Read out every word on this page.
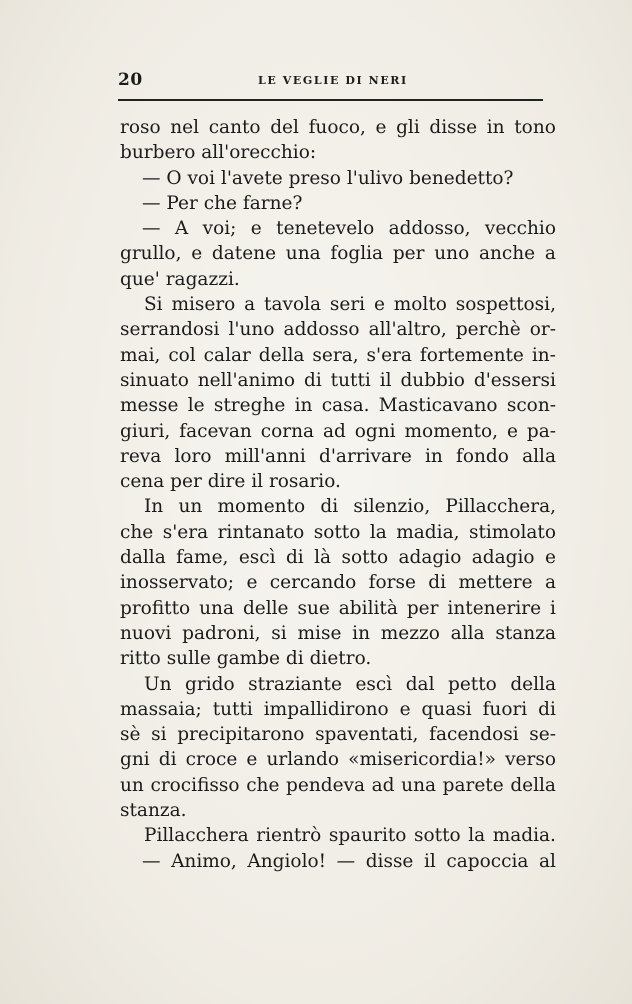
20	LE VEGLIE DI NERI
roso nel canto del fuoco, e gli disse in tono
burbero all'orecchio:
— O voi l'avete preso l'ulivo benedetto?
— Per che farne?
— A voi; e tenetevelo addosso, vecchio
grullo, e datene una foglia per uno anche a
que' ragazzi.
Si misero a tavola seri e molto sospettosi,
serrandosi l'uno addosso all'altro, perchè or-
mai, col calar della sera, s'era fortemente in-
sinuato nell'animo di tutti il dubbio d'essersi
messe le streghe in casa. Masticavano scon-
giuri, facevan corna ad ogni momento, e pa-
reva loro mill'anni d'arrivare in fondo alla
cena per dire il rosario.
In un momento di silenzio, Pillacchera,
che s'era rintanato sotto la madia, stimolato
dalla fame, escì di là sotto adagio adagio e
inosservato; e cercando forse di mettere a
profitto una delle sue abilità per intenerire i
nuovi padroni, si mise in mezzo alla stanza
ritto sulle gambe di dietro.
Un grido straziante escì dal petto della
massaia; tutti impallidirono e quasi fuori di
sè si precipitarono spaventati, facendosi se-
gni di croce e urlando «misericordia!» verso
un crocifisso che pendeva ad una parete della
stanza.
Pillacchera rientrò spaurito sotto la madia.
— Animo, Angiolo! — disse il capoccia al
